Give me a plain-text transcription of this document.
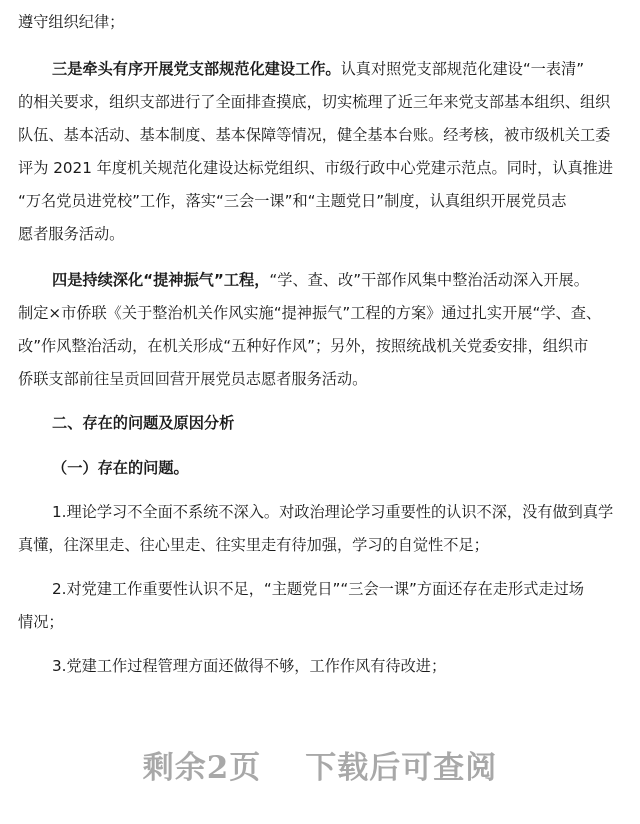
遵守组织纪律；
三是牵头有序开展党支部规范化建设工作。认真对照党支部规范化建设“一表清”
的相关要求，组织支部进行了全面排查摸底，切实梳理了近三年来党支部基本组织、组织
队伍、基本活动、基本制度、基本保障等情况，健全基本台账。经考核，被市级机关工委
评为 2021 年度机关规范化建设达标党组织、市级行政中心党建示范点。同时，认真推进
“万名党员进党校”工作，落实“三会一课”和“主题党日”制度，认真组织开展党员志
愿者服务活动。
四是持续深化“提神振气”工程，“学、查、改”干部作风集中整治活动深入开展。
制定×市侨联《关于整治机关作风实施“提神振气”工程的方案》通过扎实开展“学、查、
改”作风整治活动，在机关形成“五种好作风”；另外，按照统战机关党委安排，组织市
侨联支部前往呈贡回回营开展党员志愿者服务活动。
二、存在的问题及原因分析
（一）存在的问题。
1.理论学习不全面不系统不深入。对政治理论学习重要性的认识不深，没有做到真学
真懂，往深里走、往心里走、往实里走有待加强，学习的自觉性不足；
2.对党建工作重要性认识不足，“主题党日”“三会一课”方面还存在走形式走过场
情况；
3.党建工作过程管理方面还做得不够，工作作风有待改进；
剩余2页 下载后可查阅
